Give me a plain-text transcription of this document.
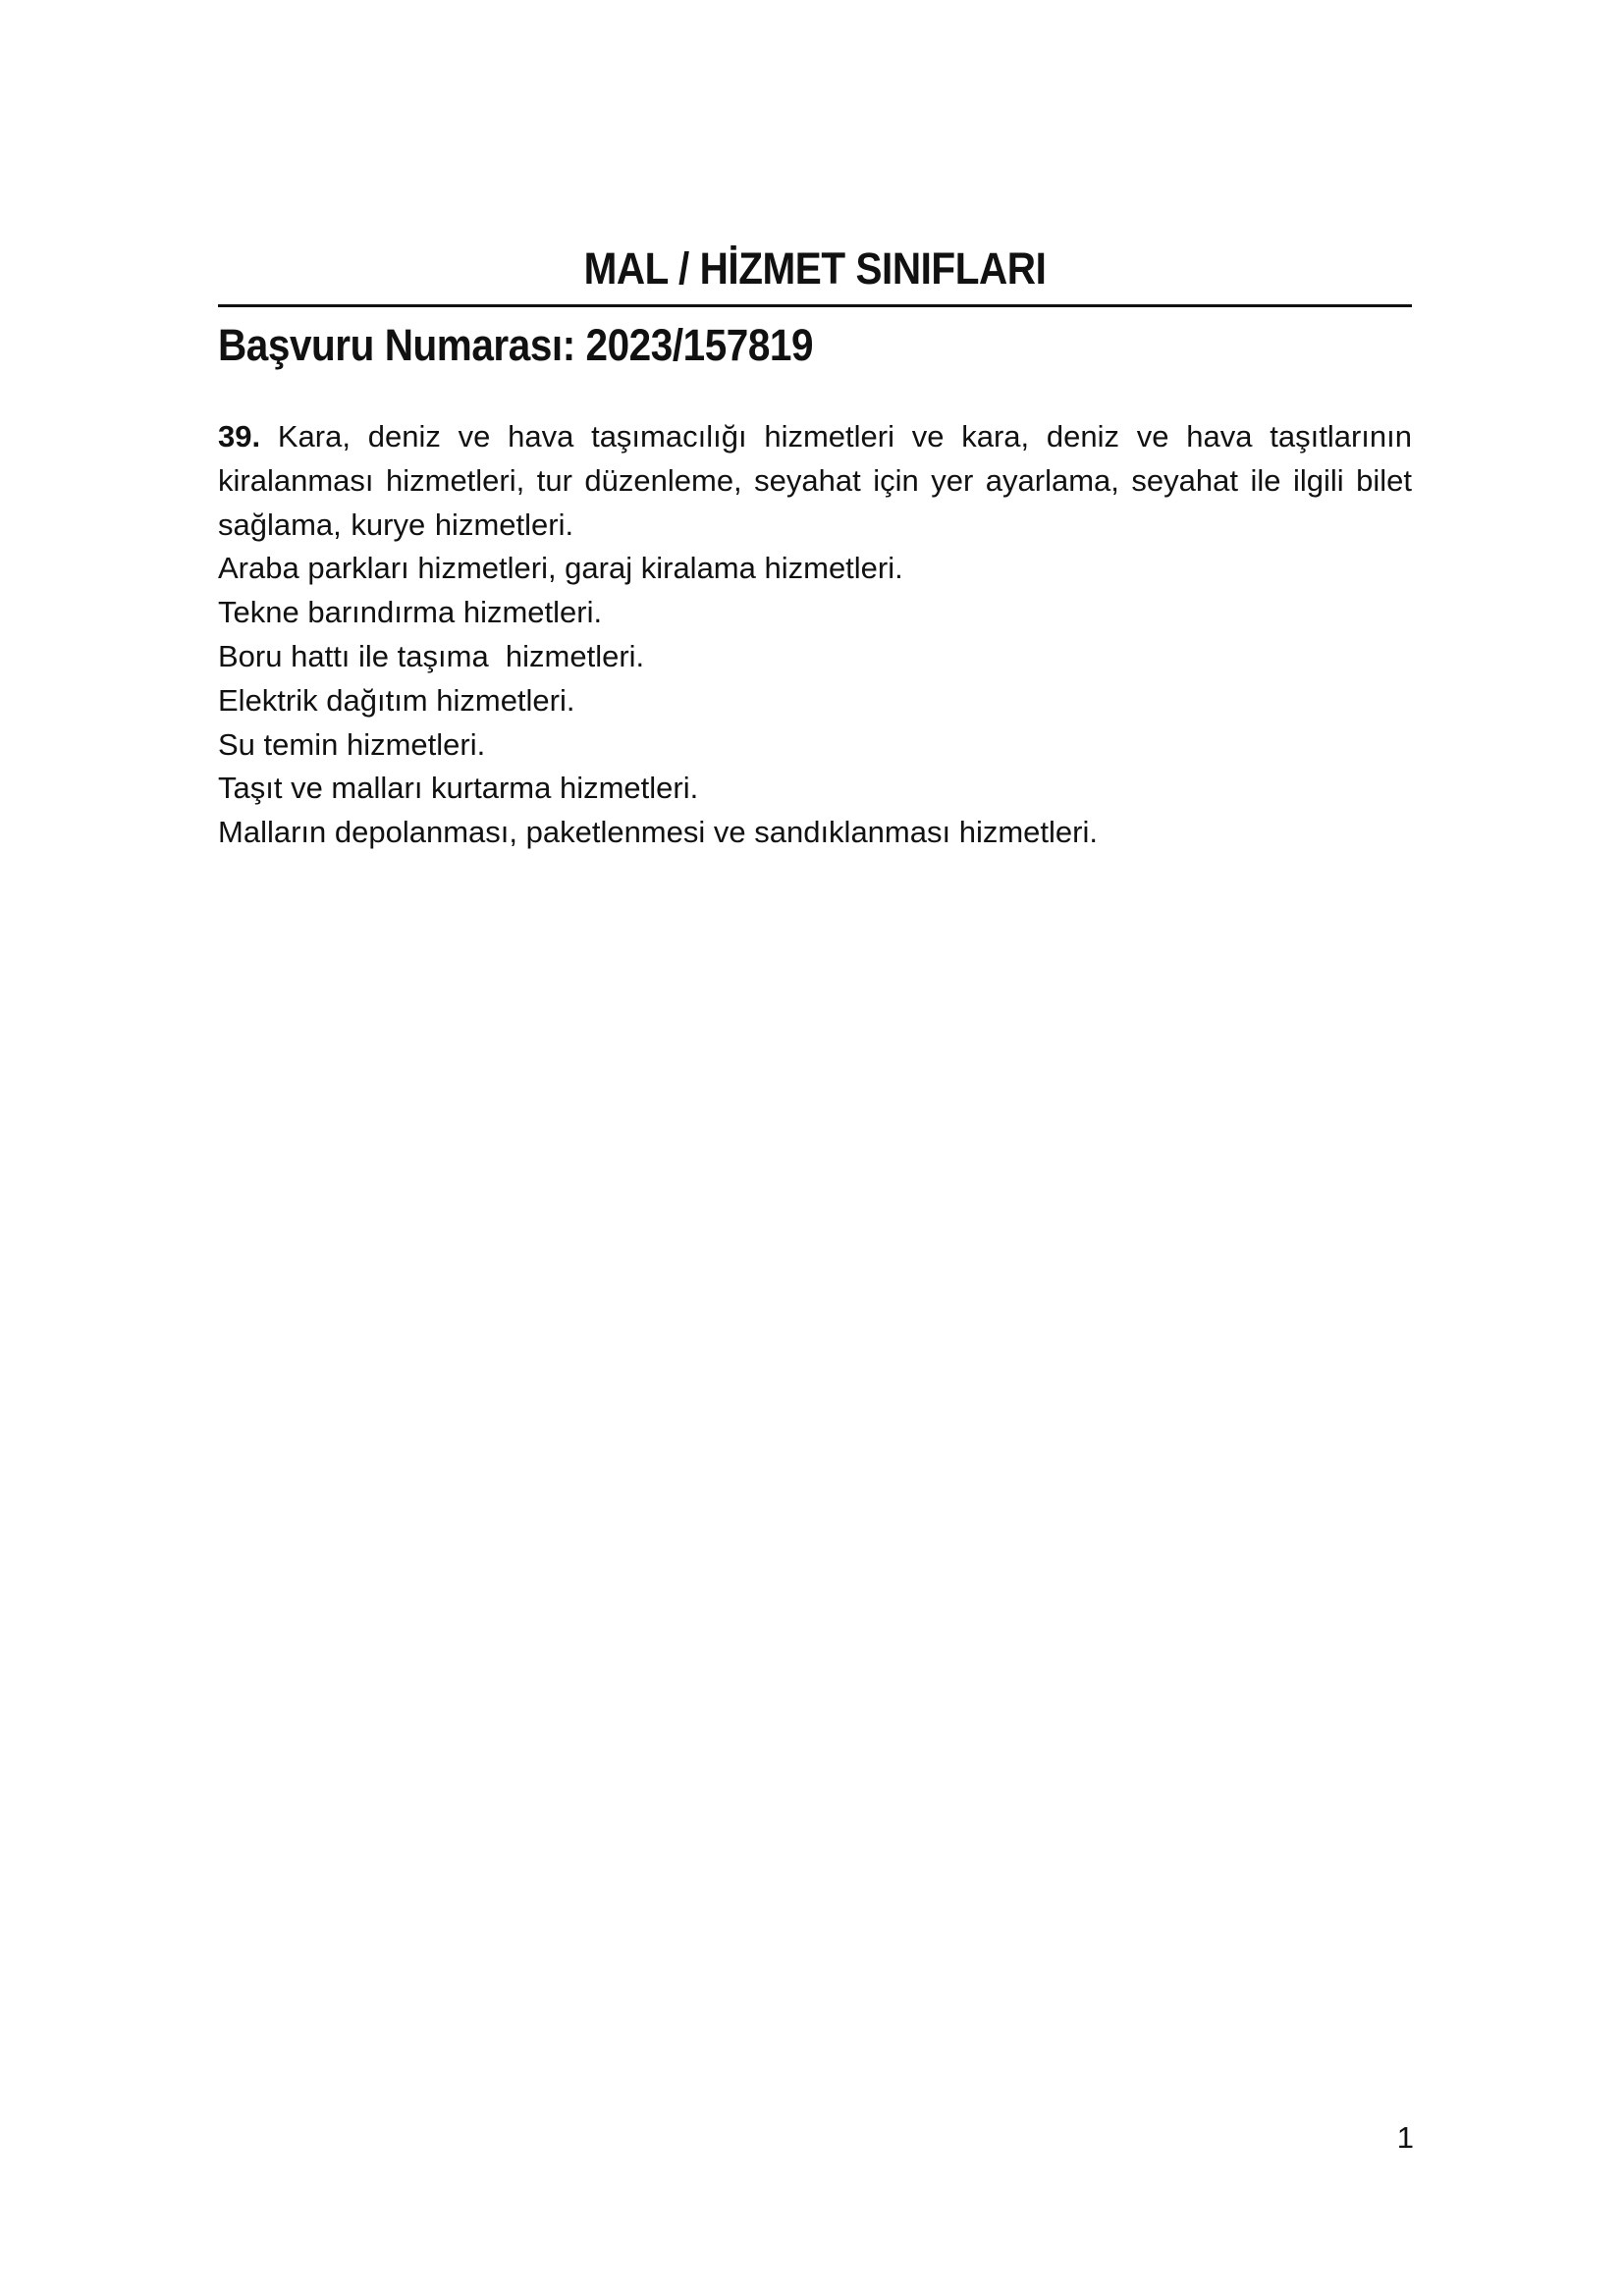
MAL / HİZMET SINIFLARI
Başvuru Numarası: 2023/157819

39. Kara, deniz ve hava taşımacılığı hizmetleri ve kara, deniz ve hava taşıtlarının kiralanması hizmetleri, tur düzenleme, seyahat için yer ayarlama, seyahat ile ilgili bilet sağlama, kurye hizmetleri.

Araba parkları hizmetleri, garaj kiralama hizmetleri.

Tekne barındırma hizmetleri.

Boru hattı ile taşıma  hizmetleri.

Elektrik dağıtım hizmetleri.

Su temin hizmetleri.

Taşıt ve malları kurtarma hizmetleri.

Malların depolanması, paketlenmesi ve sandıklanması hizmetleri.

1
